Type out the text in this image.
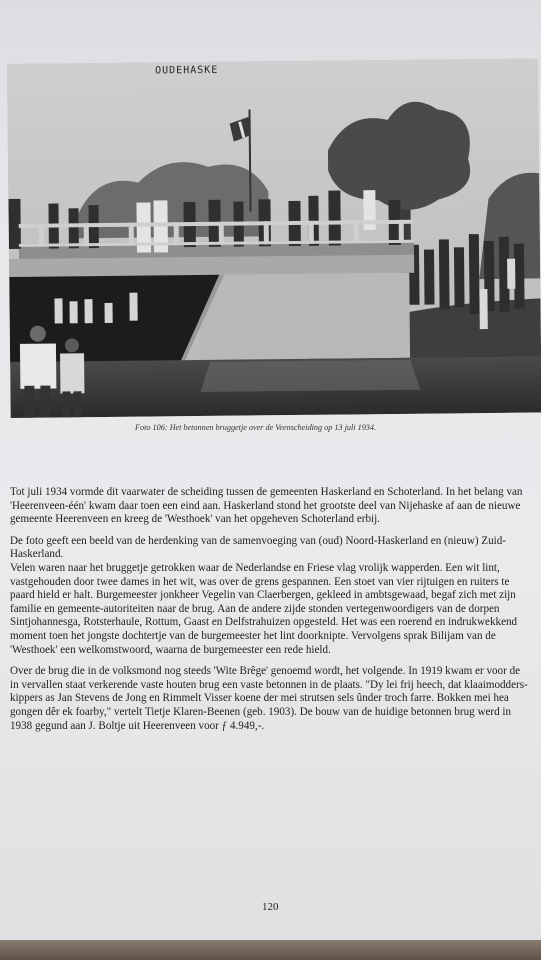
OUDEHASKE
Foto 106: Het betonnen bruggetje over de Veenscheiding op 13 juli 1934.
Tot juli 1934 vormde dit vaarwater de scheiding tussen de gemeenten Haskerland en Schoterland. In het belang van
'Heerenveen-één' kwam daar toen een eind aan. Haskerland stond het grootste deel van Nijehaske af aan de nieuwe
gemeente Heerenveen en kreeg de 'Westhoek' van het opgeheven Schoterland erbij.
De foto geeft een beeld van de herdenking van de samenvoeging van (oud) Noord-Haskerland en (nieuw) Zuid-
Haskerland.
Velen waren naar het bruggetje getrokken waar de Nederlandse en Friese vlag vrolijk wapperden. Een wit lint,
vastgehouden door twee dames in het wit, was over de grens gespannen. Een stoet van vier rijtuigen en ruiters te
paard hield er halt. Burgemeester jonkheer Vegelin van Claerbergen, gekleed in ambtsgewaad, begaf zich met zijn
familie en gemeente-autoriteiten naar de brug. Aan de andere zijde stonden vertegenwoordigers van de dorpen
Sintjohannesga, Rotsterhaule, Rottum, Gaast en Delfstrahuizen opgesteld. Het was een roerend en indrukwekkend
moment toen het jongste dochtertje van de burgemeester het lint doorknipte. Vervolgens sprak Bilijam van de
'Westhoek' een welkomstwoord, waarna de burgemeester een rede hield.
Over de brug die in de volksmond nog steeds 'Wite Brêge' genoemd wordt, het volgende. In 1919 kwam er voor de
in vervallen staat verkerende vaste houten brug een vaste betonnen in de plaats. "Dy lei frij heech, dat klaaimodders-
kippers as Jan Stevens de Jong en Rimmelt Visser koene der mei strutsen sels ûnder troch farre. Bokken mei hea
gongen dêr ek foarby," vertelt Tietje Klaren-Beenen (geb. 1903). De bouw van de huidige betonnen brug werd in
1938 gegund aan J. Boltje uit Heerenveen voor ƒ 4.949,-.
120
